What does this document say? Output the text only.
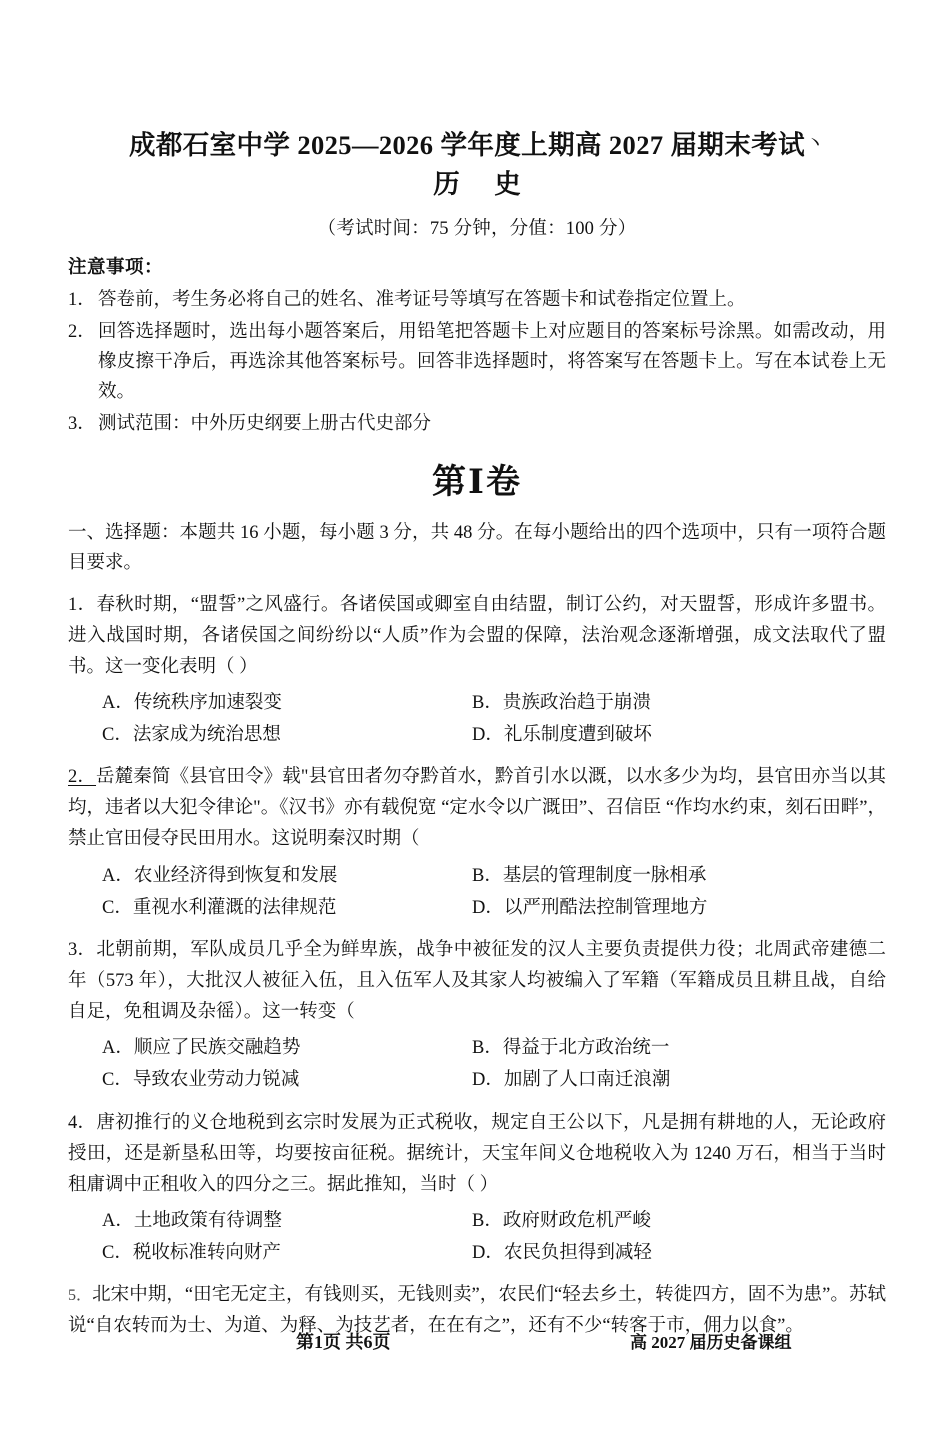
成都石室中学 2025—2026 学年度上期高 2027 届期末考试丶
历 史
（考试时间：75 分钟，分值：100 分）
注意事项：
1． 答卷前，考生务必将自己的姓名、准考证号等填写在答题卡和试卷指定位置上。
2． 回答选择题时，选出每小题答案后，用铅笔把答题卡上对应题目的答案标号涂黑。如需改动，用橡皮擦干净后，再选涂其他答案标号。回答非选择题时，将答案写在答题卡上。写在本试卷上无效。
3． 测试范围：中外历史纲要上册古代史部分
第Ⅰ卷
一、选择题：本题共 16 小题，每小题 3 分，共 48 分。在每小题给出的四个选项中，只有一项符合题目要求。
1．春秋时期，“盟誓”之风盛行。各诸侯国或卿室自由结盟，制订公约，对天盟誓，形成许多盟书。进入战国时期，各诸侯国之间纷纷以“人质”作为会盟的保障，法治观念逐渐增强，成文法取代了盟书。这一变化表明（ ）
A．传统秩序加速裂变	B．贵族政治趋于崩溃
C．法家成为统治思想	D．礼乐制度遭到破坏
2．岳麓秦简《县官田令》载"县官田者勿夺黔首水，黔首引水以溉，以水多少为均，县官田亦当以其均，违者以大犯令律论"。《汉书》亦有载倪宽 “定水令以广溉田”、召信臣 “作均水约束，刻石田畔”，禁止官田侵夺民田用水。这说明秦汉时期（
A．农业经济得到恢复和发展	B．基层的管理制度一脉相承
C．重视水利灌溉的法律规范	D．以严刑酷法控制管理地方
3．北朝前期，军队成员几乎全为鲜卑族，战争中被征发的汉人主要负责提供力役；北周武帝建德二年（573 年），大批汉人被征入伍，且入伍军人及其家人均被编入了军籍（军籍成员且耕且战，自给自足，免租调及杂徭）。这一转变（
A．顺应了民族交融趋势	B．得益于北方政治统一
C．导致农业劳动力锐减	D．加剧了人口南迁浪潮
4．唐初推行的义仓地税到玄宗时发展为正式税收，规定自王公以下，凡是拥有耕地的人，无论政府授田，还是新垦私田等，均要按亩征税。据统计，天宝年间义仓地税收入为 1240 万石，相当于当时租庸调中正租收入的四分之三。据此推知，当时（ ）
A．土地政策有待调整	B．政府财政危机严峻
C．税收标准转向财产	D．农民负担得到减轻
5．北宋中期，“田宅无定主，有钱则买，无钱则卖”，农民们“轻去乡土，转徙四方，固不为患”。苏轼说“自农转而为士、为道、为释、为技艺者，在在有之”，还有不少“转客于市，佣力以食”。
第1页 共6页	高 2027 届历史备课组
